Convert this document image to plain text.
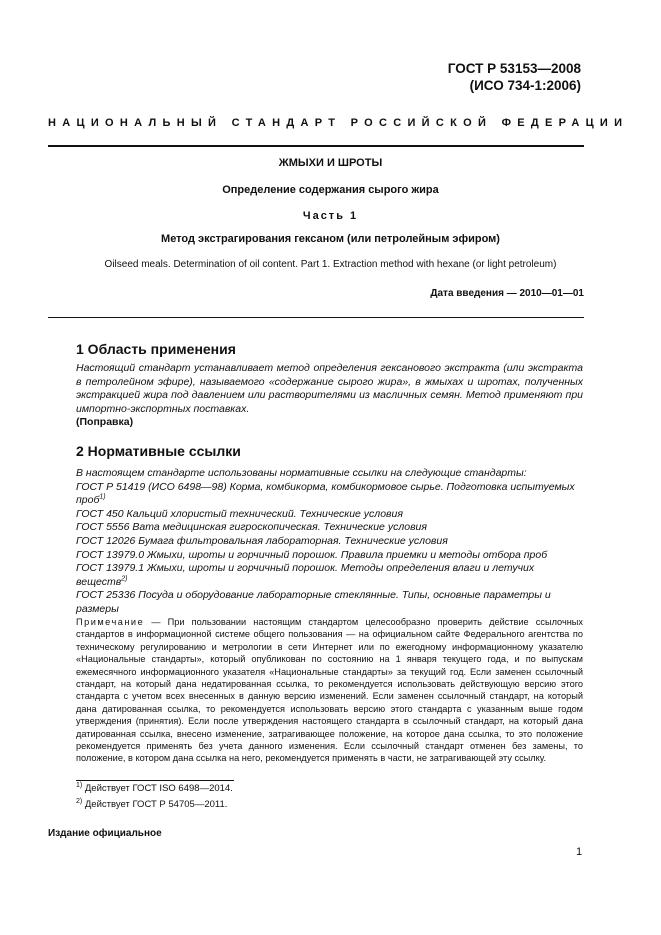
ГОСТ Р 53153—2008
(ИСО 734-1:2006)
НАЦИОНАЛЬНЫЙ СТАНДАРТ РОССИЙСКОЙ ФЕДЕРАЦИИ
ЖМЫХИ И ШРОТЫ
Определение содержания сырого жира
Часть 1
Метод экстрагирования гексаном (или петролейным эфиром)
Oilseed meals. Determination of oil content. Part 1. Extraction method with hexane (or light petroleum)
Дата введения — 2010—01—01
1 Область применения
Настоящий стандарт устанавливает метод определения гексанового экстракта (или экстракта в петролейном эфире), называемого «содержание сырого жира», в жмыхах и шротах, полученных экстракцией жира под давлением или растворителями из масличных семян. Метод применяют при импортно-экспортных поставках.
(Поправка)
2 Нормативные ссылки
В настоящем стандарте использованы нормативные ссылки на следующие стандарты:
ГОСТ Р 51419 (ИСО 6498—98) Корма, комбикорма, комбикормовое сырье. Подготовка испытуемых проб$^{1)}$
ГОСТ 450 Кальций хлористый технический. Технические условия
ГОСТ 5556 Вата медицинская гигроскопическая. Технические условия
ГОСТ 12026 Бумага фильтровальная лабораторная. Технические условия
ГОСТ 13979.0 Жмыхи, шроты и горчичный порошок. Правила приемки и методы отбора проб
ГОСТ 13979.1 Жмыхи, шроты и горчичный порошок. Методы определения влаги и летучих веществ$^{2)}$
ГОСТ 25336 Посуда и оборудование лабораторные стеклянные. Типы, основные параметры и размеры
Примечание — При пользовании настоящим стандартом целесообразно проверить действие ссылочных стандартов в информационной системе общего пользования — на официальном сайте Федерального агентства по техническому регулированию и метрологии в сети Интернет или по ежегодному информационному указателю «Национальные стандарты», который опубликован по состоянию на 1 января текущего года, и по выпускам ежемесячного информационного указателя «Национальные стандарты» за текущий год. Если заменен ссылочный стандарт, на который дана недатированная ссылка, то рекомендуется использовать действующую версию этого стандарта с учетом всех внесенных в данную версию изменений. Если заменен ссылочный стандарт, на который дана датированная ссылка, то рекомендуется использовать версию этого стандарта с указанным выше годом утверждения (принятия). Если после утверждения настоящего стандарта в ссылочный стандарт, на который дана датированная ссылка, внесено изменение, затрагивающее положение, на которое дана ссылка, то это положение рекомендуется применять без учета данного изменения. Если ссылочный стандарт отменен без замены, то положение, в котором дана ссылка на него, рекомендуется применять в части, не затрагивающей эту ссылку.
$^{1)}$ Действует ГОСТ ISO 6498—2014.
$^{2)}$ Действует ГОСТ Р 54705—2011.
Издание официальное
1
